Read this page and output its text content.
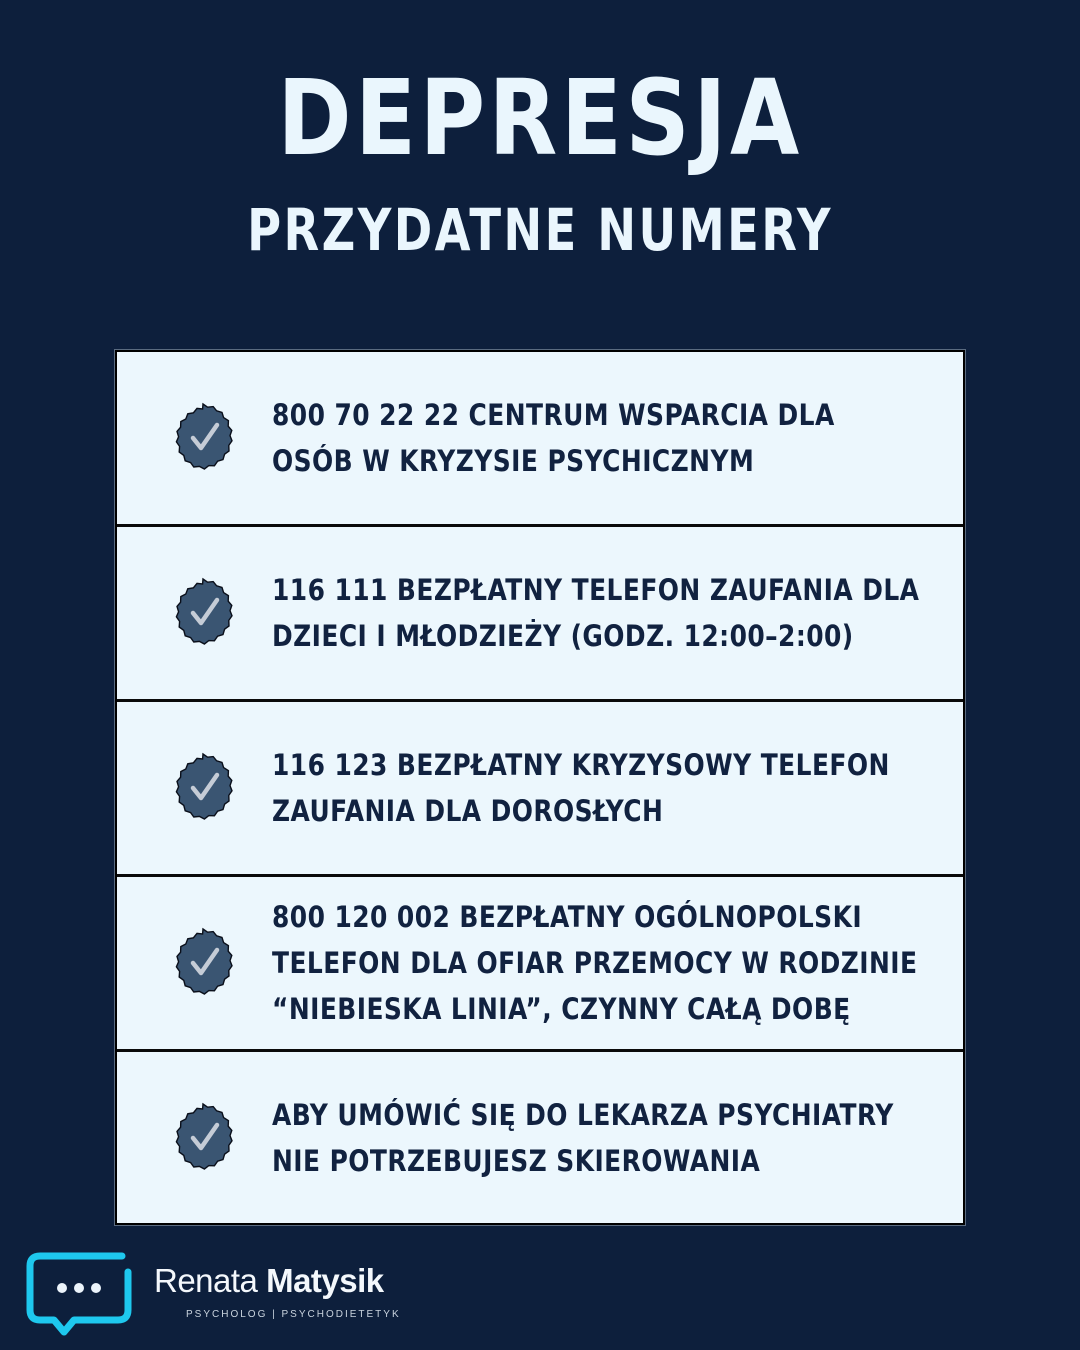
DEPRESJA
PRZYDATNE NUMERY
800 70 22 22 CENTRUM WSPARCIA DLA
OSÓB W KRYZYSIE PSYCHICZNYM
116 111 BEZPŁATNY TELEFON ZAUFANIA DLA
DZIECI I MŁODZIEŻY (GODZ. 12:00–2:00)
116 123 BEZPŁATNY KRYZYSOWY TELEFON
ZAUFANIA DLA DOROSŁYCH
800 120 002 BEZPŁATNY OGÓLNOPOLSKI
TELEFON DLA OFIAR PRZEMOCY W RODZINIE
“NIEBIESKA LINIA”, CZYNNY CAŁĄ DOBĘ
ABY UMÓWIĆ SIĘ DO LEKARZA PSYCHIATRY
NIE POTRZEBUJESZ SKIEROWANIA
Renata Matysik
PSYCHOLOG | PSYCHODIETETYK
